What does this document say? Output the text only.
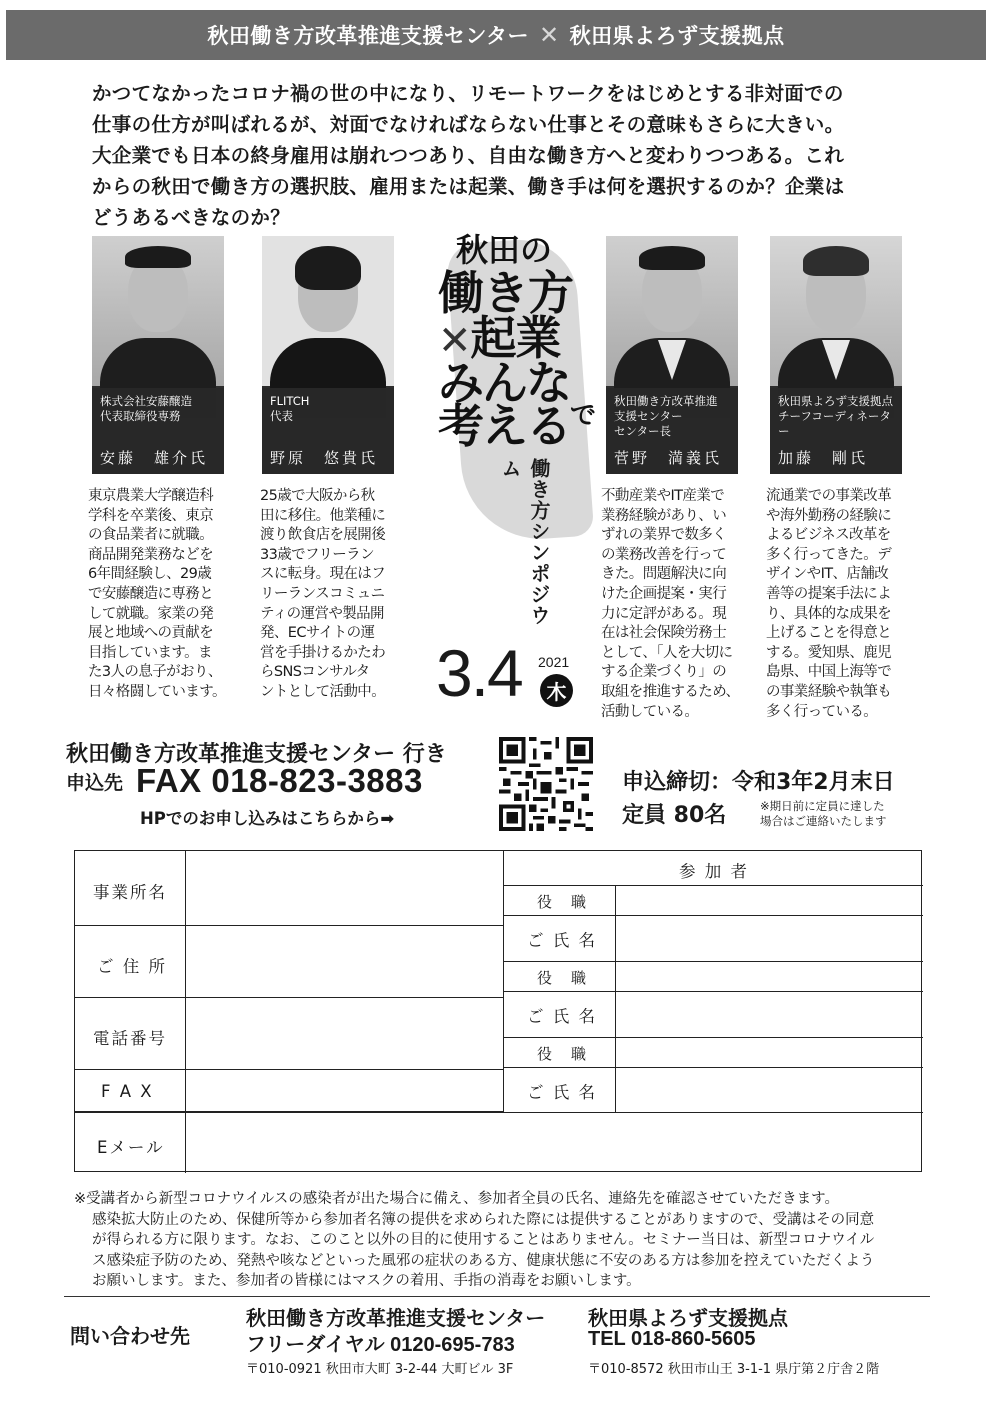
秋田働き方改革推進支援センター ✕ 秋田県よろず支援拠点

かつてなかったコロナ禍の世の中になり、リモートワークをはじめとする非対面での

仕事の仕方が叫ばれるが、対面でなければならない仕事とその意味もさらに大きい。

大企業でも日本の終身雇用は崩れつつあり、自由な働き方へと変わりつつある。これ

からの秋田で働き方の選択肢、雇用または起業、働き手は何を選択するのか？企業は

どうあるべきなのか？

株式会社安藤醸造
代表取締役専務
安藤　雄介氏
東京農業大学醸造科
学科を卒業後、東京
の食品業者に就職。
商品開発業務などを
6年間経験し、29歳
で安藤醸造に専務と
して就職。家業の発
展と地域への貢献を
目指しています。ま
た3人の息子がおり、
日々格闘しています。
FLITCH
代表
野原　悠貴氏
25歳で大阪から秋
田に移住。他業種に
渡り飲食店を展開後
33歳でフリーラン
スに転身。現在はフ
リーランスコミュニ
ティの運営や製品開
発、ECサイトの運
営を手掛けるかたわ
らSNSコンサルタ
ントとして活動中。
秋田の
働き方
✕起業
みんな
考える$^で$
働き方シンポジウム
3.4 2021
木
秋田働き方改革推進
支援センター
センター長
菅野　満義氏
不動産業やIT産業で
業務経験があり、い
ずれの業界で数多く
の業務改善を行って
きた。問題解決に向
けた企画提案・実行
力に定評がある。現
在は社会保険労務士
として、「人を大切に
する企業づくり」の
取組を推進するため、
活動している。
秋田県よろず支援拠点
チーフコーディネーター
加藤　剛氏
流通業での事業改革
や海外勤務の経験に
よるビジネス改革を
多く行ってきた。デ
ザインやIT、店舗改
善等の提案手法によ
り、具体的な成果を
上げることを得意と
する。愛知県、鹿児
島県、中国上海等で
の事業経験や執筆も
多く行っている。
秋田働き方改革推進支援センター 行き
申込先 FAX 018-823-3883
HPでのお申し込みはこちらから➡
申込締切：令和3年2月末日
定員 80名	※期日前に定員に達した
場合はご連絡いたします
事業所名
ご 住 所
電話番号
F A X
Eメール
参 加 者
役　職
ご 氏 名
役　職
ご 氏 名
役　職
ご 氏 名

※受講者から新型コロナウイルスの感染者が出た場合に備え、参加者全員の氏名、連絡先を確認させていただきます。

感染拡大防止のため、保健所等から参加者名簿の提供を求められた際には提供することがありますので、受講はその同意

が得られる方に限ります。なお、このこと以外の目的に使用することはありません。セミナー当日は、新型コロナウイル

ス感染症予防のため、発熱や咳などといった風邪の症状のある方、健康状態に不安のある方は参加を控えていただくよう

お願いします。また、参加者の皆様にはマスクの着用、手指の消毒をお願いします。

問い合わせ先
秋田働き方改革推進支援センター
フリーダイヤル 0120-695-783
〒010-0921 秋田市大町 3-2-44 大町ビル 3F
秋田県よろず支援拠点
TEL 018-860-5605
〒010-8572 秋田市山王 3-1-1 県庁第２庁舎２階
